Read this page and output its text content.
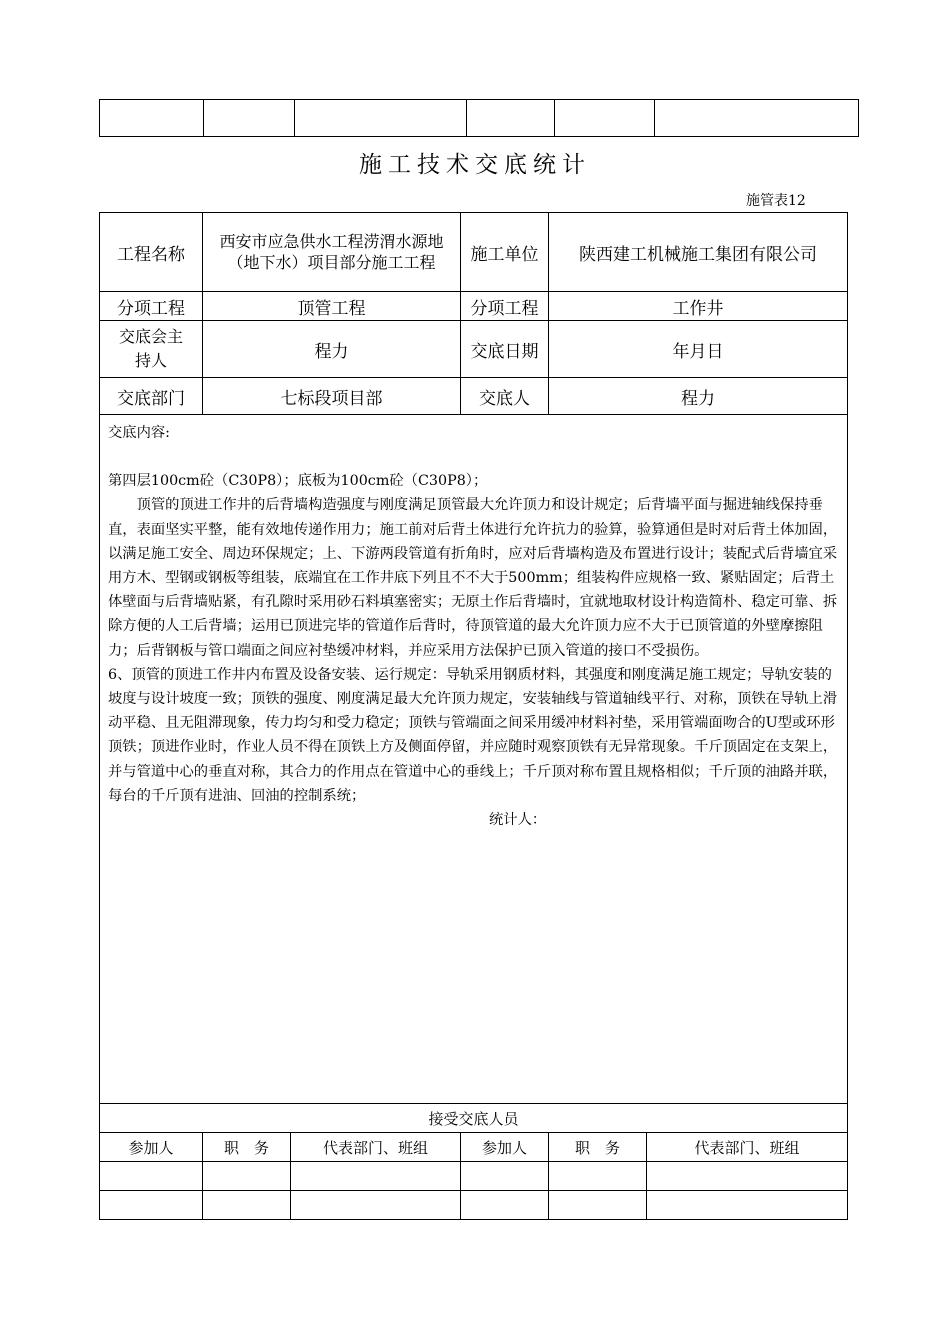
施工技术交底统计
施管表12
工程名称	西安市应急供水工程涝渭水源地（地下水）项目部分施工工程	施工单位	陕西建工机械施工集团有限公司
分项工程	顶管工程	分项工程	工作井
交底会主持人	程力	交底日期	年月日
交底部门	七标段项目部	交底人	程力

交底内容:

第四层100cm砼（C30P8）；底板为100cm砼（C30P8）；

顶管的顶进工作井的后背墙构造强度与刚度满足顶管最大允许顶力和设计规定；后背墙平面与掘进轴线保持垂直，表面坚实平整，能有效地传递作用力；施工前对后背土体进行允许抗力的验算，验算通但是时对后背土体加固，以满足施工安全、周边环保规定；上、下游两段管道有折角时，应对后背墙构造及布置进行设计；装配式后背墙宜采用方木、型钢或钢板等组装，底端宜在工作井底下列且不不大于500mm；组装构件应规格一致、紧贴固定；后背土体壁面与后背墙贴紧，有孔隙时采用砂石料填塞密实；无原土作后背墙时，宜就地取材设计构造简朴、稳定可靠、拆除方便的人工后背墙；运用已顶进完毕的管道作后背时，待顶管道的最大允许顶力应不大于已顶管道的外壁摩擦阻力；后背钢板与管口端面之间应衬垫缓冲材料，并应采用方法保护已顶入管道的接口不受损伤。

6、顶管的顶进工作井内布置及设备安装、运行规定：导轨采用钢质材料，其强度和刚度满足施工规定；导轨安装的坡度与设计坡度一致；顶铁的强度、刚度满足最大允许顶力规定，安装轴线与管道轴线平行、对称，顶铁在导轨上滑动平稳、且无阻滞现象，传力均匀和受力稳定；顶铁与管端面之间采用缓冲材料衬垫，采用管端面吻合的U型或环形顶铁；顶进作业时，作业人员不得在顶铁上方及侧面停留，并应随时观察顶铁有无异常现象。千斤顶固定在支架上，并与管道中心的垂直对称，其合力的作用点在管道中心的垂线上；千斤顶对称布置且规格相似；千斤顶的油路并联，每台的千斤顶有进油、回油的控制系统；

统计人：			

接受交底人员			
参加人	职　务	代表部门、班组	参加人	职　务	代表部门、班组
